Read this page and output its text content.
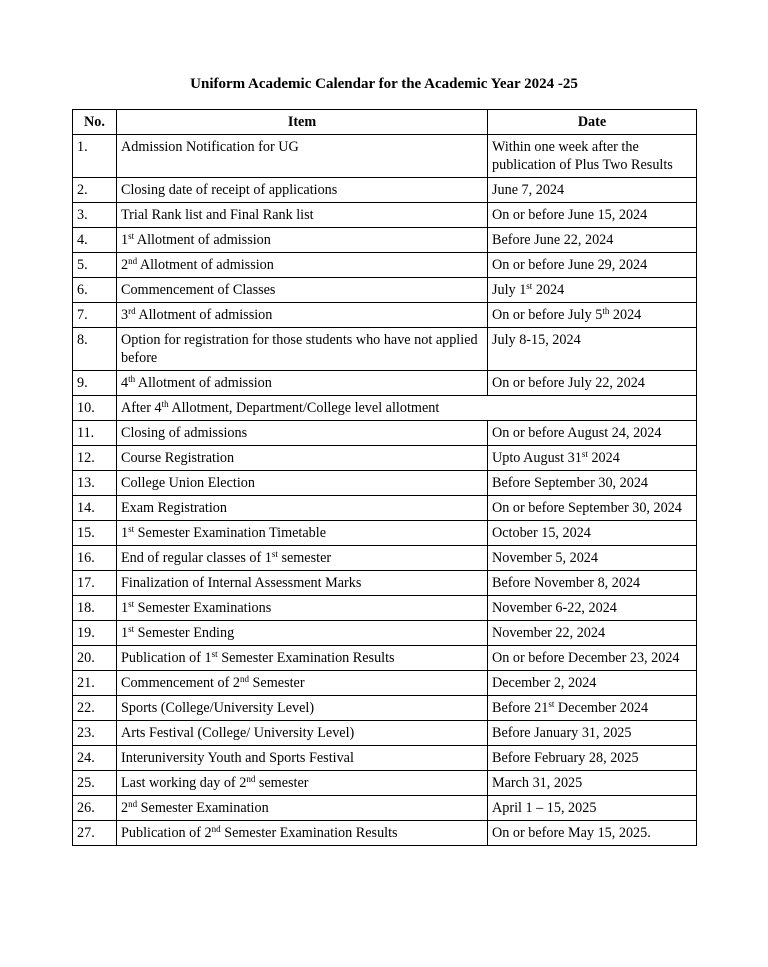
Uniform Academic Calendar for the Academic Year 2024 -25
No.	Item	Date
1.	Admission Notification for UG	Within one week after the publication of Plus Two Results
2.	Closing date of receipt of applications	June 7, 2024
3.	Trial Rank list and Final Rank list	On or before June 15, 2024
4.	1st Allotment of admission	Before June 22, 2024
5.	2nd Allotment of admission	On or before June 29, 2024
6.	Commencement of Classes	July 1st 2024
7.	3rd Allotment of admission	On or before July 5th 2024
8.	Option for registration for those students who have not applied before	July 8-15, 2024
9.	4th Allotment of admission	On or before July 22, 2024
10.	After 4th Allotment, Department/College level allotment	
11.	Closing of admissions	On or before August 24, 2024
12.	Course Registration	Upto August 31st 2024
13.	College Union Election	Before September 30, 2024
14.	Exam Registration	On or before September 30, 2024
15.	1st Semester Examination Timetable	October 15, 2024
16.	End of regular classes of 1st semester	November 5, 2024
17.	Finalization of Internal Assessment Marks	Before November 8, 2024
18.	1st Semester Examinations	November 6-22, 2024
19.	1st Semester Ending	November 22, 2024
20.	Publication of 1st Semester Examination Results	On or before December 23, 2024
21.	Commencement of 2nd Semester	December 2, 2024
22.	Sports (College/University Level)	Before 21st December 2024
23.	Arts Festival (College/ University Level)	Before January 31, 2025
24.	Interuniversity Youth and Sports Festival	Before February 28, 2025
25.	Last working day of 2nd semester	March 31, 2025
26.	2nd Semester Examination	April 1 – 15, 2025
27.	Publication of 2nd Semester Examination Results	On or before May 15, 2025.
